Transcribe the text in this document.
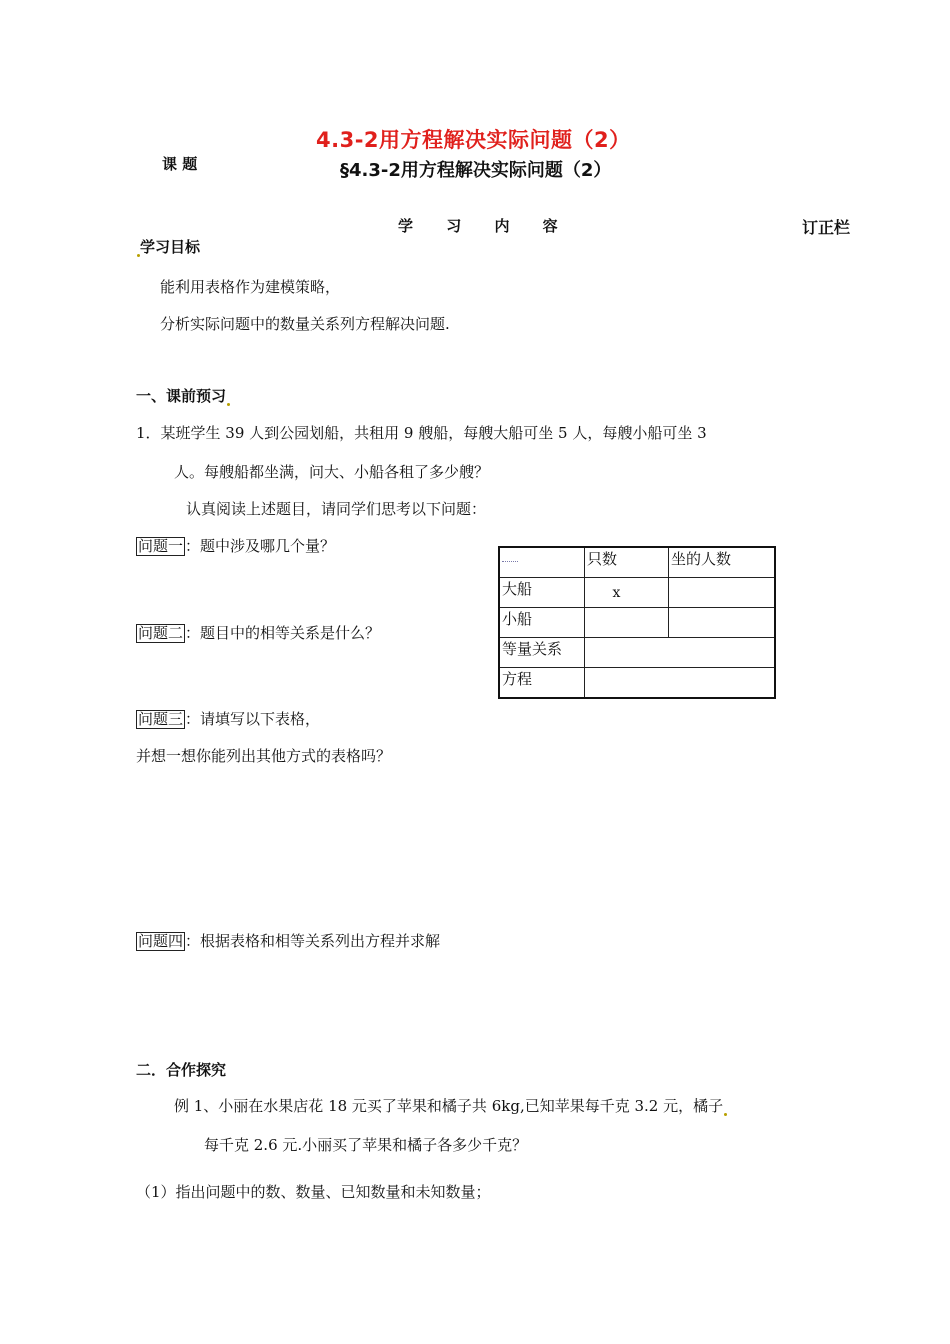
4.3-2用方程解决实际问题（2）
课 题	§4.3-2用方程解决实际问题（2）
学 习 内 容	订正栏
学习目标
能利用表格作为建模策略，
分析实际问题中的数量关系列方程解决问题.
一、课前预习
1．某班学生 39 人到公园划船，共租用 9 艘船，每艘大船可坐 5 人，每艘小船可坐 3
人。每艘船都坐满，问大、小船各租了多少艘？
认真阅读上述题目，请同学们思考以下问题：
问题一 ：题中涉及哪几个量？
问题二 ：题目中的相等关系是什么？
问题三 ：请填写以下表格，
并想一想你能列出其他方式的表格吗？
问题四 ：根据表格和相等关系列出方程并求解
	只数	坐的人数
大船	x	
小船		
等量关系		
方程		
二．合作探究
例 1、小丽在水果店花 18 元买了苹果和橘子共 6kg,已知苹果每千克 3.2 元，橘子
每千克 2.6 元.小丽买了苹果和橘子各多少千克？
（1）指出问题中的数、数量、已知数量和未知数量；
